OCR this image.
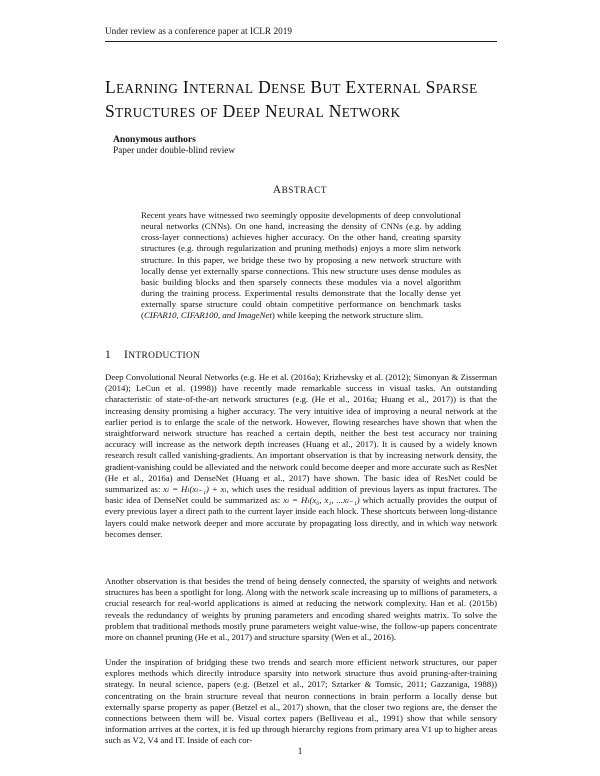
Under review as a conference paper at ICLR 2019
LEARNING INTERNAL DENSE BUT EXTERNAL SPARSE
STRUCTURES OF DEEP NEURAL NETWORK
Anonymous authors
Paper under double-blind review
ABSTRACT
Recent years have witnessed two seemingly opposite developments of deep convolutional neural networks (CNNs). On one hand, increasing the density of CNNs (e.g. by adding cross-layer connections) achieves higher accuracy. On the other hand, creating sparsity structures (e.g. through regularization and pruning methods) enjoys a more slim network structure. In this paper, we bridge these two by proposing a new network structure with locally dense yet externally sparse connections. This new structure uses dense modules as basic building blocks and then sparsely connects these modules via a novel algorithm during the training process. Experimental results demonstrate that the locally dense yet externally sparse structure could obtain competitive performance on benchmark tasks (CIFAR10, CIFAR100, and ImageNet) while keeping the network structure slim.
1 INTRODUCTION
Deep Convolutional Neural Networks (e.g. He et al. (2016a); Krizhevsky et al. (2012); Simonyan & Zisserman (2014); LeCun et al. (1998)) have recently made remarkable success in visual tasks. An outstanding characteristic of state-of-the-art network structures (e.g. (He et al., 2016a; Huang et al., 2017)) is that the increasing density promising a higher accuracy. The very intuitive idea of improving a neural network at the earlier period is to enlarge the scale of the network. However, flowing researches have shown that when the straightforward network structure has reached a certain depth, neither the best test accuracy nor training accuracy will increase as the network depth increases (Huang et al., 2017). It is caused by a widely known research result called vanishing-gradients. An important observation is that by increasing network density, the gradient-vanishing could be alleviated and the network could become deeper and more accurate such as ResNet (He et al., 2016a) and DenseNet (Huang et al., 2017) have shown. The basic idea of ResNet could be summarized as: xₗ = Hₗ(xₗ₋₁) + xₗ, which uses the residual addition of previous layers as input fractures. The basic idea of DenseNet could be summarized as: xₗ = Hₗ(x₀, x₁, ...xₗ₋₁) which actually provides the output of every previous layer a direct path to the current layer inside each block. These shortcuts between long-distance layers could make network deeper and more accurate by propagating loss directly, and in which way network becomes denser.
Another observation is that besides the trend of being densely connected, the sparsity of weights and network structures has been a spotlight for long. Along with the network scale increasing up to millions of parameters, a crucial research for real-world applications is aimed at reducing the network complexity. Han et al. (2015b) reveals the redundancy of weights by pruning parameters and encoding shared weights matrix. To solve the problem that traditional methods mostly prune parameters weight value-wise, the follow-up papers concentrate more on channel pruning (He et al., 2017) and structure sparsity (Wen et al., 2016).
Under the inspiration of bridging these two trends and search more efficient network structures, our paper explores methods which directly introduce sparsity into network structure thus avoid pruning-after-training strategy. In neural science, papers (e.g. (Betzel et al., 2017; Sztarker & Tomsic, 2011; Gazzaniga, 1988)) concentrating on the brain structure reveal that neuron connections in brain perform a locally dense but externally sparse property as paper (Betzel et al., 2017) shown, that the closer two regions are, the denser the connections between them will be. Visual cortex papers (Belliveau et al., 1991) show that while sensory information arrives at the cortex, it is fed up through hierarchy regions from primary area V1 up to higher areas such as V2, V4 and IT. Inside of each cor-
1
